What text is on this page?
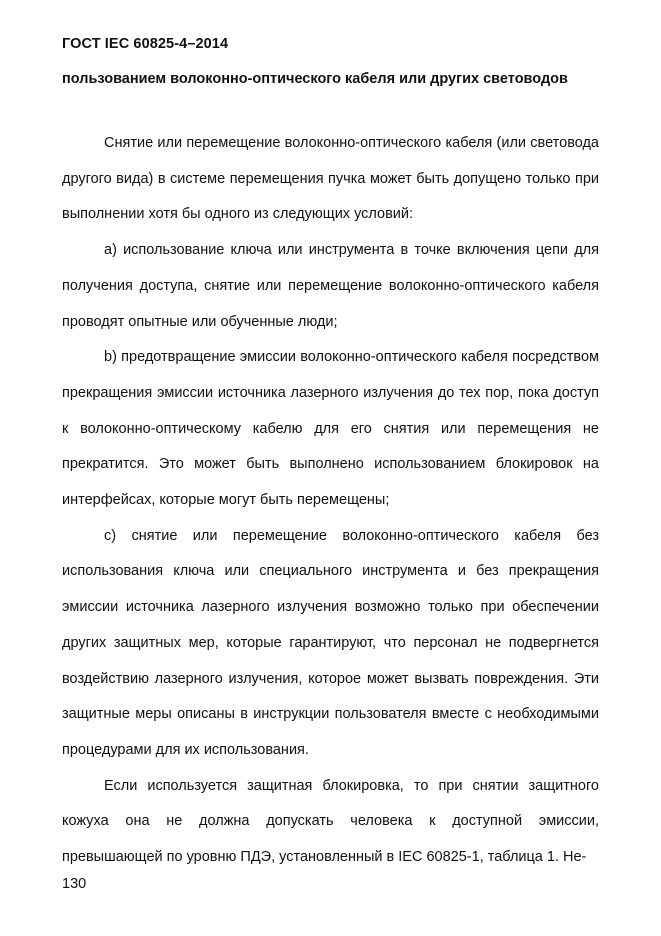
ГОСТ IEC 60825-4–2014
пользованием волоконно-оптического кабеля или других световодов

Снятие или перемещение волоконно-оптического кабеля (или световода другого вида) в системе перемещения пучка может быть допущено только при выполнении хотя бы одного из следующих условий:

a) использование ключа или инструмента в точке включения цепи для получения доступа, снятие или перемещение волоконно-оптического кабеля проводят опытные или обученные люди;

b) предотвращение эмиссии волоконно-оптического кабеля посредством прекращения эмиссии источника лазерного излучения до тех пор, пока доступ к волоконно-оптическому кабелю для его снятия или перемещения не прекратится. Это может быть выполнено использованием блокировок на интерфейсах, которые могут быть перемещены;

c) снятие или перемещение волоконно-оптического кабеля без использования ключа или специального инструмента и без прекращения эмиссии источника лазерного излучения возможно только при обеспечении других защитных мер, которые гарантируют, что персонал не подвергнется воздействию лазерного излучения, которое может вызвать повреждения. Эти защитные меры описаны в инструкции пользователя вместе с необходимыми процедурами для их использования.

Если используется защитная блокировка, то при снятии защитного кожуха она не должна допускать человека к доступной эмиссии, превышающей по уровню ПДЭ, установленный в IEC 60825-1, таблица 1. Не-

130
